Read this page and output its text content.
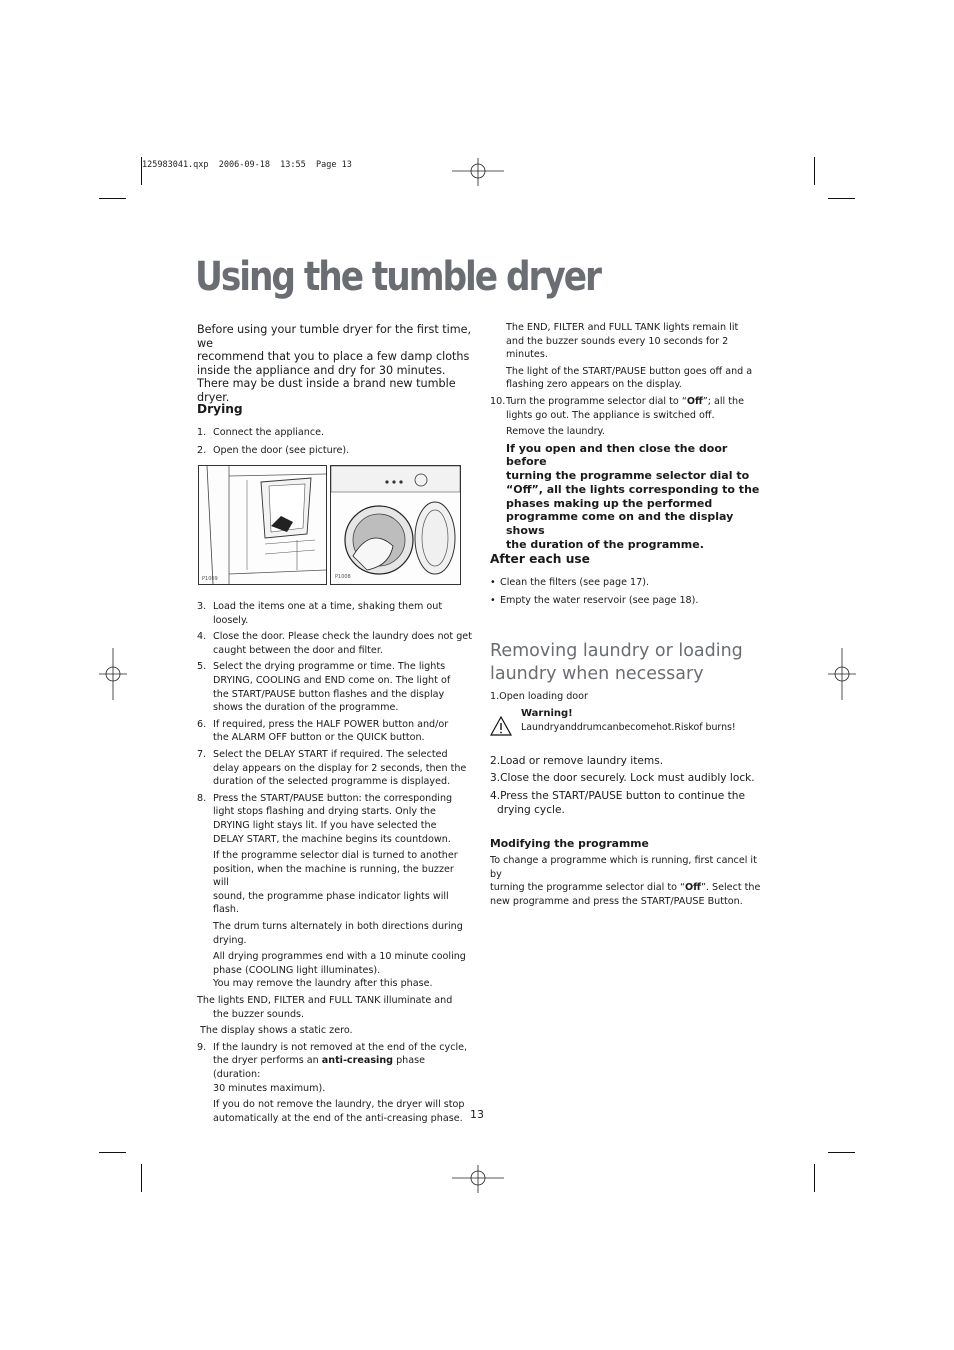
125983041.qxp  2006-09-18  13:55  Page 13
Using the tumble dryer

Before using your tumble dryer for the first time, we

recommend that you to place a few damp cloths

inside the appliance and dry for 30 minutes.

There may be dust inside a brand new tumble dryer.

Drying
1. Connect the appliance.
2. Open the door (see picture).
P1009	P1008
3. Load the items one at a time, shaking them out
loosely.
4. Close the door. Please check the laundry does not get
caught between the door and filter.
5. Select the drying programme or time. The lights
DRYING, COOLING and END come on. The light of
the START/PAUSE button flashes and the display
shows the duration of the programme.
6. If required, press the HALF POWER button and/or
the ALARM OFF button or the QUICK button.
7. Select the DELAY START if required. The selected
delay appears on the display for 2 seconds, then the
duration of the selected programme is displayed.
8. Press the START/PAUSE button: the corresponding
light stops flashing and drying starts. Only the
DRYING light stays lit. If you have selected the
DELAY START, the machine begins its countdown.
If the programme selector dial is turned to another
position, when the machine is running, the buzzer will
sound, the programme phase indicator lights will flash.
The drum turns alternately in both directions during
drying.
All drying programmes end with a 10 minute cooling
phase (COOLING light illuminates).
You may remove the laundry after this phase.
The lights END, FILTER and FULL TANK illuminate and
the buzzer sounds.
The display shows a static zero.
9. If the laundry is not removed at the end of the cycle,
the dryer performs an anti-creasing phase (duration:
30 minutes maximum).
If you do not remove the laundry, the dryer will stop
automatically at the end of the anti-creasing phase.
The END, FILTER and FULL TANK lights remain lit
and the buzzer sounds every 10 seconds for 2
minutes.
The light of the START/PAUSE button goes off and a
flashing zero appears on the display.
10. Turn the programme selector dial to “Off”; all the
lights go out. The appliance is switched off.
Remove the laundry.
If you open and then close the door before
turning the programme selector dial to
“Off”, all the lights corresponding to the
phases making up the performed
programme come on and the display shows
the duration of the programme.
After each use
• Clean the filters (see page 17).
• Empty the water reservoir (see page 18).
Removing laundry or loading
laundry when necessary
1.Open loading door
Warning!
Laundryanddrumcanbecomehot.Riskof burns!
2.Load or remove laundry items.
3.Close the door securely. Lock must audibly lock.
4.Press the START/PAUSE button to continue the
drying cycle.
Modifying the programme
To change a programme which is running, first cancel it by
turning the programme selector dial to “Off”. Select the
new programme and press the START/PAUSE Button.
13
